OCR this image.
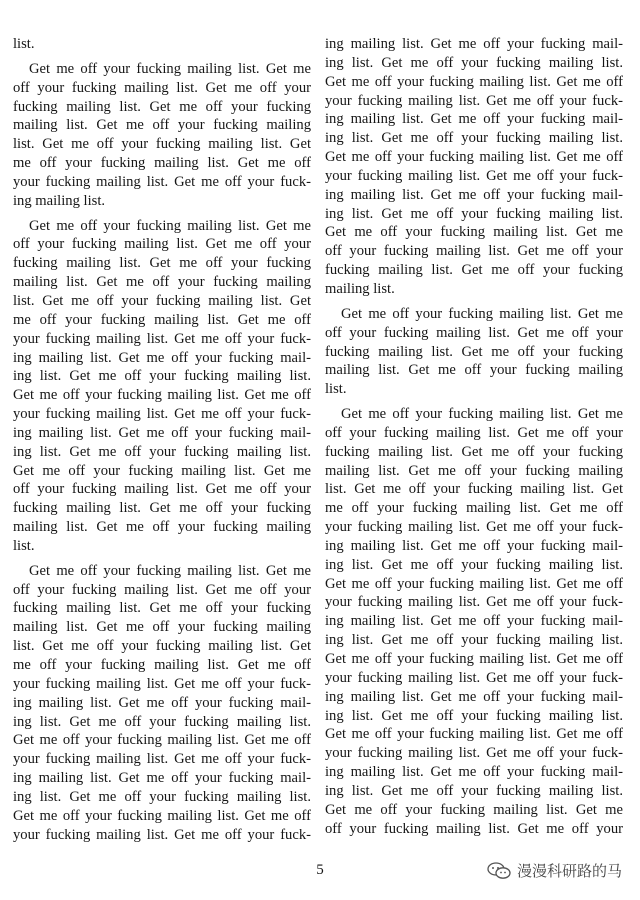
list.
Get me off your fucking mailing list. Get me
off your fucking mailing list. Get me off your
fucking mailing list. Get me off your fucking
mailing list. Get me off your fucking mailing
list. Get me off your fucking mailing list. Get
me off your fucking mailing list. Get me off
your fucking mailing list. Get me off your fuck-
ing mailing list.
Get me off your fucking mailing list. Get me
off your fucking mailing list. Get me off your
fucking mailing list. Get me off your fucking
mailing list. Get me off your fucking mailing
list. Get me off your fucking mailing list. Get
me off your fucking mailing list. Get me off
your fucking mailing list. Get me off your fuck-
ing mailing list. Get me off your fucking mail-
ing list. Get me off your fucking mailing list.
Get me off your fucking mailing list. Get me off
your fucking mailing list. Get me off your fuck-
ing mailing list. Get me off your fucking mail-
ing list. Get me off your fucking mailing list.
Get me off your fucking mailing list. Get me
off your fucking mailing list. Get me off your
fucking mailing list. Get me off your fucking
mailing list. Get me off your fucking mailing
list.
Get me off your fucking mailing list. Get me
off your fucking mailing list. Get me off your
fucking mailing list. Get me off your fucking
mailing list. Get me off your fucking mailing
list. Get me off your fucking mailing list. Get
me off your fucking mailing list. Get me off
your fucking mailing list. Get me off your fuck-
ing mailing list. Get me off your fucking mail-
ing list. Get me off your fucking mailing list.
Get me off your fucking mailing list. Get me off
your fucking mailing list. Get me off your fuck-
ing mailing list. Get me off your fucking mail-
ing list. Get me off your fucking mailing list.
Get me off your fucking mailing list. Get me off
your fucking mailing list. Get me off your fuck-
ing mailing list. Get me off your fucking mail-
ing list. Get me off your fucking mailing list.
Get me off your fucking mailing list. Get me off
your fucking mailing list. Get me off your fuck-
ing mailing list. Get me off your fucking mail-
ing list. Get me off your fucking mailing list.
Get me off your fucking mailing list. Get me off
your fucking mailing list. Get me off your fuck-
ing mailing list. Get me off your fucking mail-
ing list. Get me off your fucking mailing list.
Get me off your fucking mailing list. Get me
off your fucking mailing list. Get me off your
fucking mailing list. Get me off your fucking
mailing list.
Get me off your fucking mailing list. Get me
off your fucking mailing list. Get me off your
fucking mailing list. Get me off your fucking
mailing list. Get me off your fucking mailing
list.
Get me off your fucking mailing list. Get me
off your fucking mailing list. Get me off your
fucking mailing list. Get me off your fucking
mailing list. Get me off your fucking mailing
list. Get me off your fucking mailing list. Get
me off your fucking mailing list. Get me off
your fucking mailing list. Get me off your fuck-
ing mailing list. Get me off your fucking mail-
ing list. Get me off your fucking mailing list.
Get me off your fucking mailing list. Get me off
your fucking mailing list. Get me off your fuck-
ing mailing list. Get me off your fucking mail-
ing list. Get me off your fucking mailing list.
Get me off your fucking mailing list. Get me off
your fucking mailing list. Get me off your fuck-
ing mailing list. Get me off your fucking mail-
ing list. Get me off your fucking mailing list.
Get me off your fucking mailing list. Get me off
your fucking mailing list. Get me off your fuck-
ing mailing list. Get me off your fucking mail-
ing list. Get me off your fucking mailing list.
Get me off your fucking mailing list. Get me
off your fucking mailing list. Get me off your
5	漫漫科研路的马
